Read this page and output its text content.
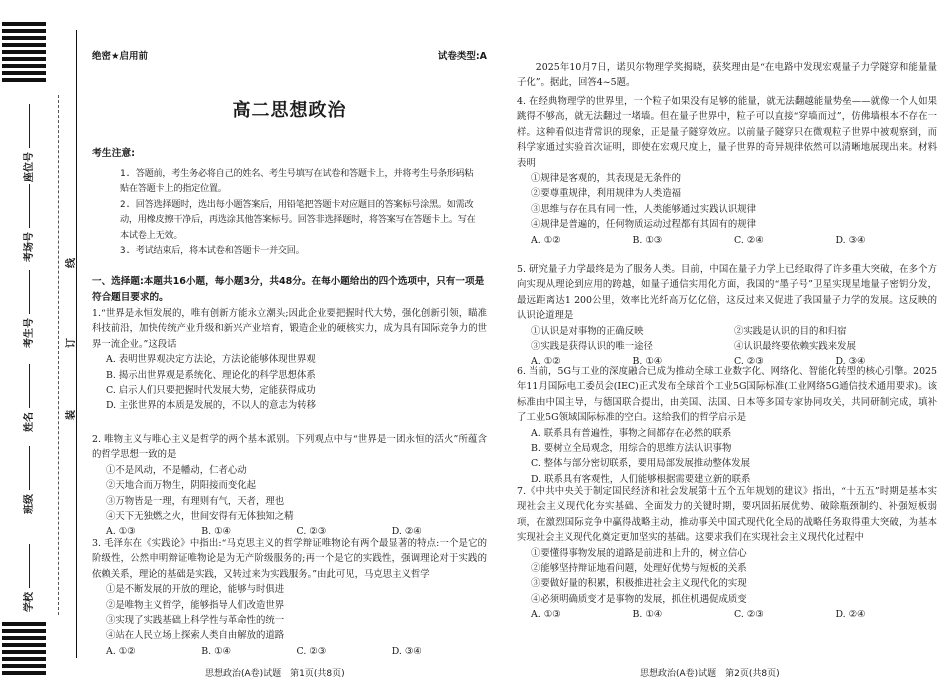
学校
班级
姓名
考生号
考场号
座位号
装
订
线
绝密★启用前	试卷类型:A
高二思想政治
考生注意:

1. 答题前，考生务必将自己的姓名、考生号填写在试卷和答题卡上，并将考生号条形码粘贴在答题卡上的指定位置。

2. 回答选择题时，选出每小题答案后，用铅笔把答题卡对应题目的答案标号涂黑。如需改动，用橡皮擦干净后，再选涂其他答案标号。回答非选择题时，将答案写在答题卡上。写在本试卷上无效。

3. 考试结束后，将本试卷和答题卡一并交回。

一、选择题:本题共16小题，每小题3分，共48分。在每小题给出的四个选项中，只有一项是符合题目要求的。
1.“世界是永恒发展的，唯有创新方能永立潮头;因此企业要把握时代大势，强化创新引领，瞄准科技前沿，加快传统产业升级和新兴产业培育，锻造企业的硬核实力，成为具有国际竞争力的世界一流企业。”这段话
A. 表明世界观决定方法论，方法论能够体现世界观
B. 揭示出世界观是系统化、理论化的科学思想体系
C. 启示人们只要把握时代发展大势，定能获得成功
D. 主张世界的本质是发展的，不以人的意志为转移
2. 唯物主义与唯心主义是哲学的两个基本派别。下列观点中与“世界是一团永恒的活火”所蕴含的哲学思想一致的是
①不是风动，不是幡动，仁者心动
②天地合而万物生，阴阳接而变化起
③万物皆是一理，有理则有气，天者，理也
④天下无独燃之火，世间安得有无体独知之精
A. ①③	B. ①④	C. ②③	D. ②④
3. 毛泽东在《实践论》中指出:“马克思主义的哲学辩证唯物论有两个最显著的特点:一个是它的阶级性，公然申明辩证唯物论是为无产阶级服务的;再一个是它的实践性，强调理论对于实践的依赖关系，理论的基础是实践，又转过来为实践服务。”由此可见，马克思主义哲学
①是不断发展的开放的理论，能够与时俱进
②是唯物主义哲学，能够指导人们改造世界
③实现了实践基础上科学性与革命性的统一
④站在人民立场上探索人类自由解放的道路
A. ①②	B. ①④	C. ②③	D. ③④
2025年10月7日，诺贝尔物理学奖揭晓，获奖理由是“在电路中发现宏观量子力学隧穿和能量量子化”。据此，回答4~5题。
4. 在经典物理学的世界里，一个粒子如果没有足够的能量，就无法翻越能量势垒——就像一个人如果跳得不够高，就无法翻过一堵墙。但在量子世界中，粒子可以直接“穿墙而过”，仿佛墙根本不存在一样。这种看似违背常识的现象，正是量子隧穿效应。以前量子隧穿只在微观粒子世界中被观察到，而科学家通过实验首次证明，即使在宏观尺度上，量子世界的奇异规律依然可以清晰地展现出来。材料表明
①规律是客观的，其表现是无条件的
②要尊重规律，利用规律为人类造福
③思维与存在具有同一性，人类能够通过实践认识规律
④规律是普遍的，任何物质运动过程都有其固有的规律
A. ①②	B. ①③	C. ②④	D. ③④
5. 研究量子力学最终是为了服务人类。目前，中国在量子力学上已经取得了许多重大突破，在多个方向实现从理论到应用的跨越，如量子通信实用化方面，我国的“墨子号”卫星实现星地量子密钥分发，最远距离达1 200公里，效率比光纤高万亿亿倍，这反过来又促进了我国量子力学的发展。这反映的认识论道理是
①认识是对事物的正确反映	②实践是认识的目的和归宿
③实践是获得认识的唯一途径	④认识最终要依赖实践来发展
A. ①②	B. ①④	C. ②③	D. ③④
6. 当前，5G与工业的深度融合已成为推动全球工业数字化、网络化、智能化转型的核心引擎。2025年11月国际电工委员会(IEC)正式发布全球首个工业5G国际标准(工业网络5G通信技术通用要求)。该标准由中国主导，与德国联合提出，由美国、法国、日本等多国专家协同攻关，共同研制完成，填补了工业5G领域国际标准的空白。这给我们的哲学启示是
A. 联系具有普遍性，事物之间都存在必然的联系
B. 要树立全局观念，用综合的思维方法认识事物
C. 整体与部分密切联系，要用局部发展推动整体发展
D. 联系具有客观性，人们能够根据需要建立新的联系
7.《中共中央关于制定国民经济和社会发展第十五个五年规划的建议》指出，“十五五”时期是基本实现社会主义现代化夯实基础、全面发力的关键时期，要巩固拓展优势、破除瓶颈制约、补强短板弱项，在激烈国际竞争中赢得战略主动，推动事关中国式现代化全局的战略任务取得重大突破，为基本实现社会主义现代化奠定更加坚实的基础。这要求我们在实现社会主义现代化过程中
①要懂得事物发展的道路是前进和上升的，树立信心
②能够坚持辩证地看问题，处理好优势与短板的关系
③要做好量的积累，积极推进社会主义现代化的实现
④必须明确质变才是事物的发展，抓住机遇促成质变
A. ①③	B. ①④	C. ②③	D. ②④
思想政治(A卷)试题　第1页(共8页)	思想政治(A卷)试题　第2页(共8页)
